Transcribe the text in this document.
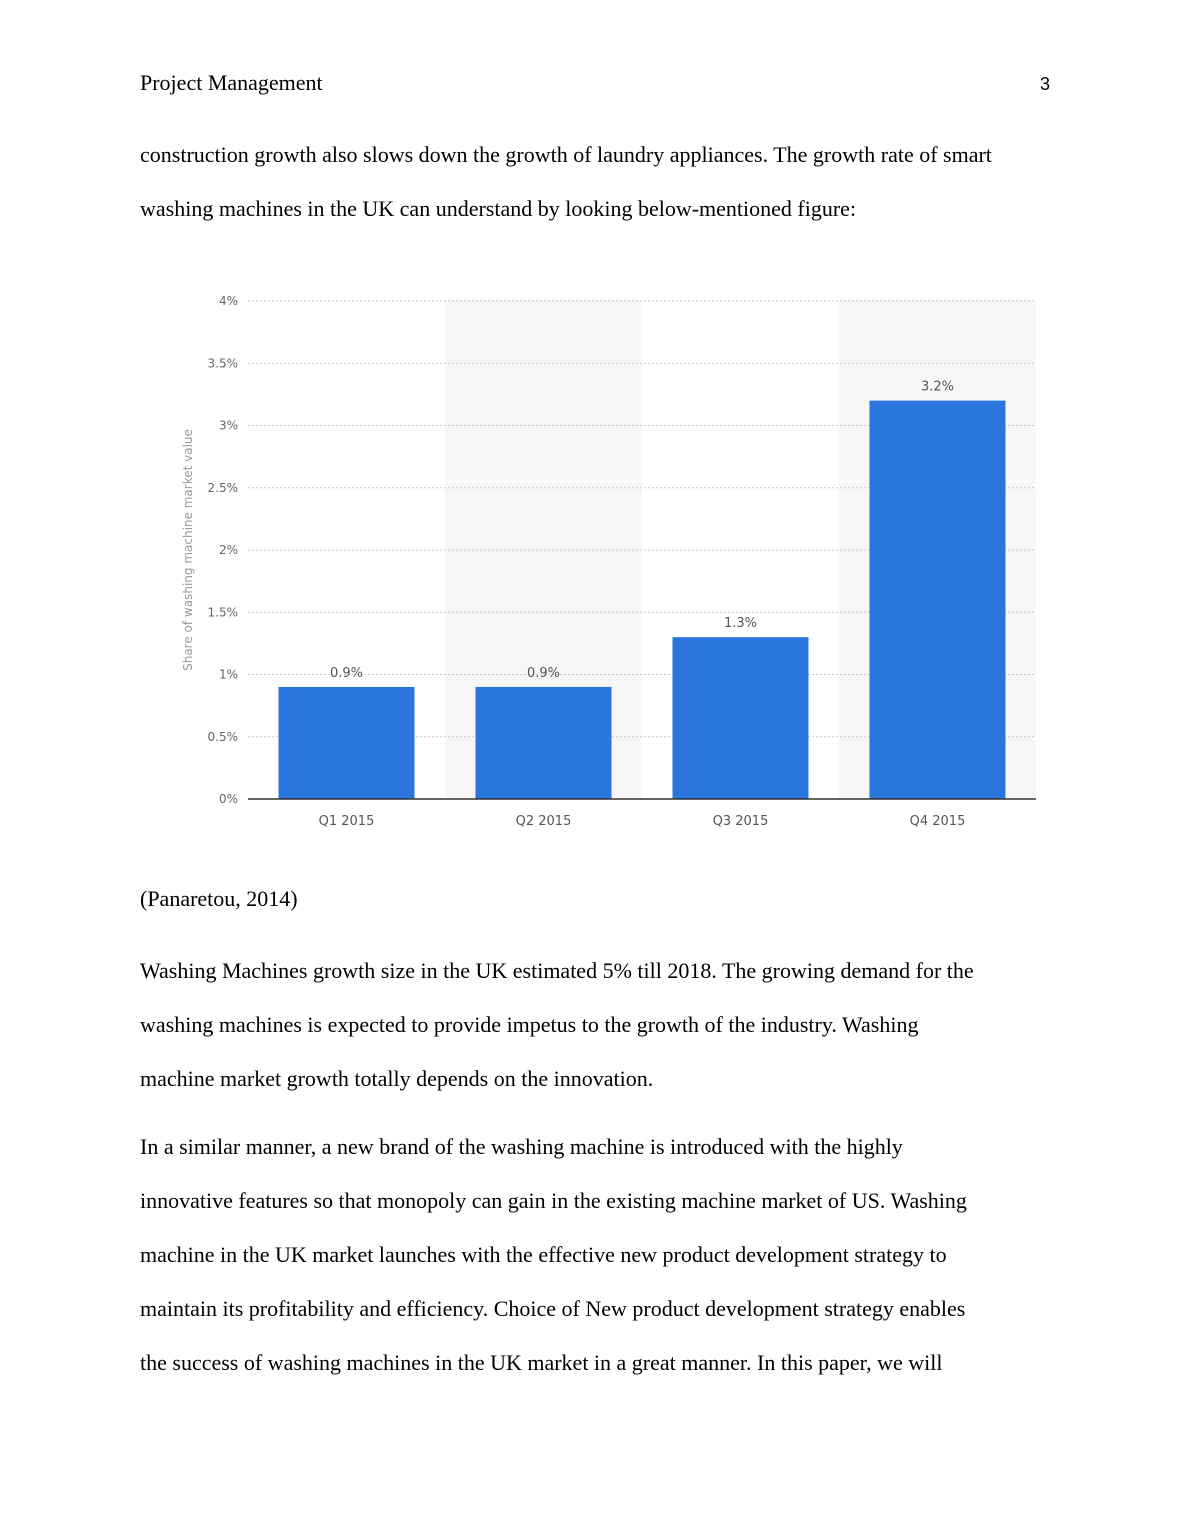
Project Management	3
construction growth also slows down the growth of laundry appliances. The growth rate of smart
washing machines in the UK can understand by looking below-mentioned figure:
0%
0.5%
1%
1.5%
2%
2.5%
3%
3.5%
4%
0.9%	0.9%
1.3%
3.2%
Q1 2015	Q2 2015	Q3 2015	Q4 2015
Share of washing machine market value
(Panaretou, 2014)
Washing Machines growth size in the UK estimated 5% till 2018. The growing demand for the
washing machines is expected to provide impetus to the growth of the industry. Washing
machine market growth totally depends on the innovation.
In a similar manner, a new brand of the washing machine is introduced with the highly
innovative features so that monopoly can gain in the existing machine market of US. Washing
machine in the UK market launches with the effective new product development strategy to
maintain its profitability and efficiency. Choice of New product development strategy enables
the success of washing machines in the UK market in a great manner. In this paper, we will
